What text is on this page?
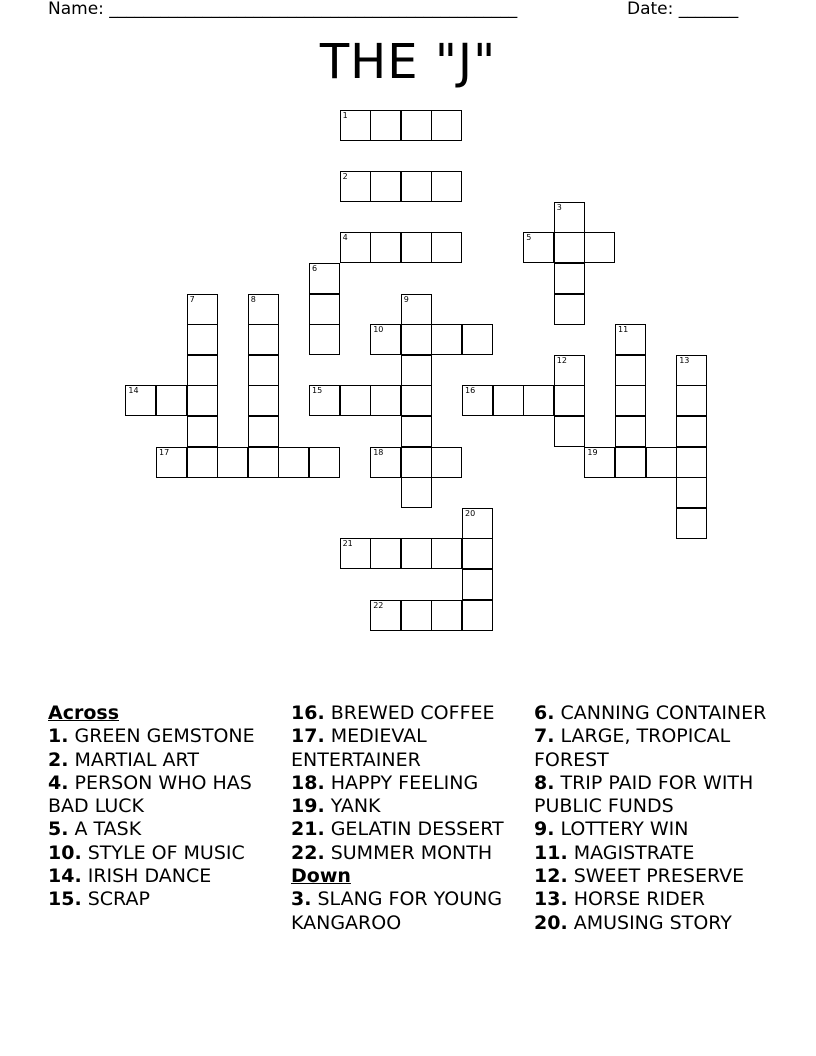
Name: ________________________________________________	Date: _______
THE "J"
1
2
3
4	5
6
7	8	9
10	11
12	13
14	15	16
17	18	19
20
21
22
Across
1. GREEN GEMSTONE
2. MARTIAL ART
4. PERSON WHO HAS BAD LUCK
5. A TASK
10. STYLE OF MUSIC
14. IRISH DANCE
15. SCRAP
16. BREWED COFFEE
17. MEDIEVAL ENTERTAINER
18. HAPPY FEELING
19. YANK
21. GELATIN DESSERT
22. SUMMER MONTH
Down
3. SLANG FOR YOUNG KANGAROO
6. CANNING CONTAINER
7. LARGE, TROPICAL FOREST
8. TRIP PAID FOR WITH PUBLIC FUNDS
9. LOTTERY WIN
11. MAGISTRATE
12. SWEET PRESERVE
13. HORSE RIDER
20. AMUSING STORY
